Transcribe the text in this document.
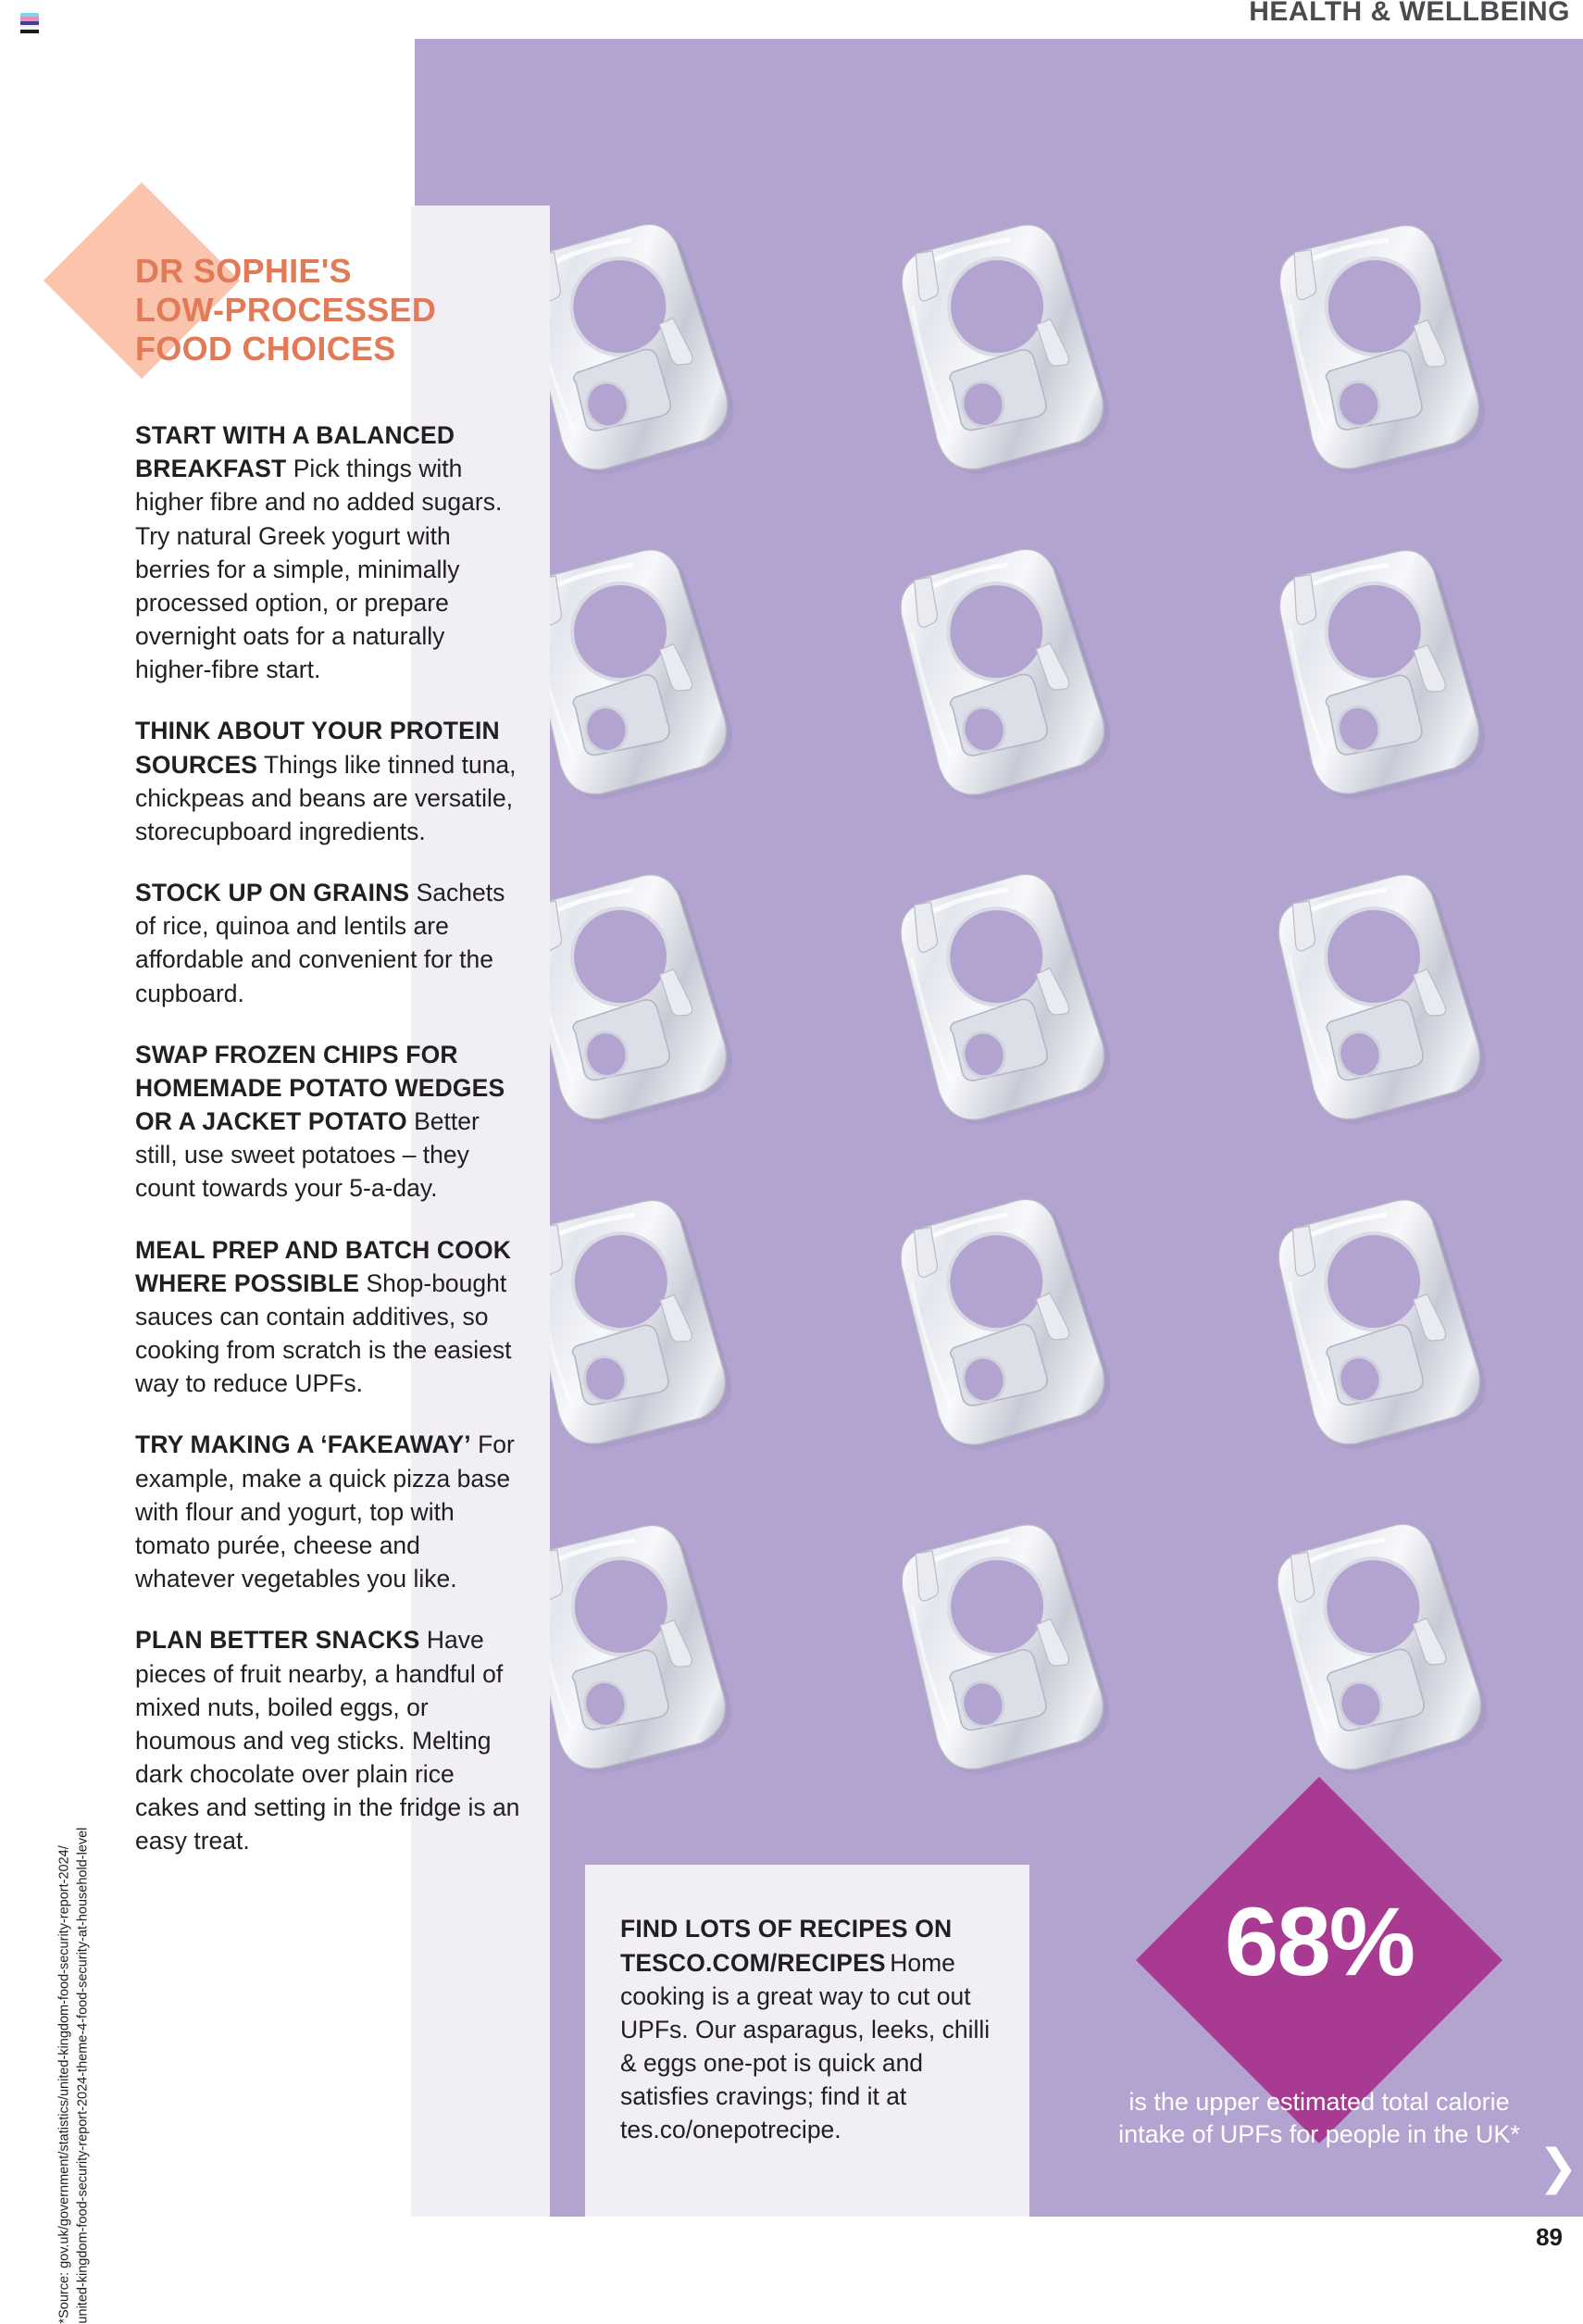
HEALTH & WELLBEING
DR SOPHIE'S
LOW-PROCESSED
FOOD CHOICES

START WITH A BALANCED BREAKFAST Pick things with higher fibre and no added sugars. Try natural Greek yogurt with berries for a simple, minimally processed option, or prepare overnight oats for a naturally higher-fibre start.

THINK ABOUT YOUR PROTEIN SOURCES Things like tinned tuna, chickpeas and beans are versatile, storecupboard ingredients.

STOCK UP ON GRAINS Sachets of rice, quinoa and lentils are affordable and convenient for the cupboard.

SWAP FROZEN CHIPS FOR HOMEMADE POTATO WEDGES OR A JACKET POTATO Better still, use sweet potatoes – they count towards your 5-a-day.

MEAL PREP AND BATCH COOK WHERE POSSIBLE Shop-bought sauces can contain additives, so cooking from scratch is the easiest way to reduce UPFs.

TRY MAKING A ‘FAKEAWAY’ For example, make a quick pizza base with flour and yogurt, top with tomato purée, cheese and whatever vegetables you like.

PLAN BETTER SNACKS Have pieces of fruit nearby, a handful of mixed nuts, boiled eggs, or houmous and veg sticks. Melting dark chocolate over plain rice cakes and setting in the fridge is an easy treat.

*Source: gov.uk/government/statistics/united-kingdom-food-security-report-2024/ united-kingdom-food-security-report-2024-theme-4-food-security-at-household-level	FIND LOTS OF RECIPES ON TESCO.COM/RECIPES Home cooking is a great way to cut out UPFs. Our asparagus, leeks, chilli & eggs one-pot is quick and satisfies cravings; find it at tes.co/onepotrecipe.
68%
is the upper estimated total calorie intake of UPFs for people in the UK*
❯
89
